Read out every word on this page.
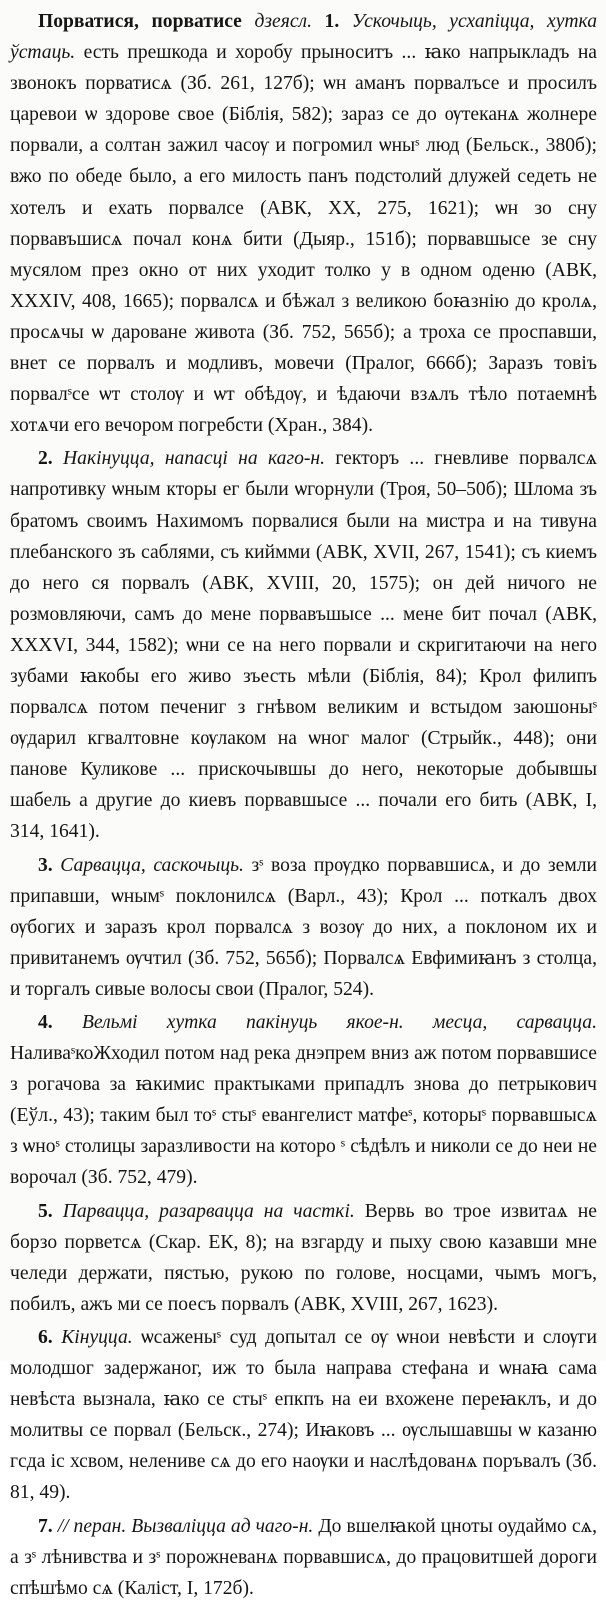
Порватися, порватисе дзеясл. 1. Ускочыць, усхапіцца, хутка ўстаць. есть прешкода и хоробу прыноситъ ... ꙗко напрыкладъ на звонокъ порватисѧ (Зб. 261, 127б); ѡн аманъ порвалъсе и просилъ царевои ѡ здорове свое (Біблія, 582); зараз се до ѹтеканѧ жолнере порвали, а солтан зажил часѹ и погромил ѡныˢ люд (Бельск., 380б); вжо по обеде было, а его милость панъ подстолий длужей седеть не хотелъ и ехать порвалсе (АВК, XX, 275, 1621); ѡн зо сну порвавъшисѧ почал конѧ бити (Дыяр., 151б); порвавшысе зе сну мусялом през окно от них уходит толко у в одном оденю (АВК, XXXIV, 408, 1665); порвалсѧ и бѣжал з великою боꙗзнію до кролѧ, просѧчы ѡ дароване живота (Зб. 752, 565б); а троха се проспавши, внет се порвалъ и модливъ, мовечи (Пралог, 666б); Заразъ товіъ порвалˢсе ѡт столѹ и ѡт обѣдѹ, и ѣдаючи взѧлъ тѣло потаемнѣ хотѧчи его вечором погребсти (Хран., 384).

2. Накінуцца, напасці на каго-н. гекторъ ... гневливе порвалсѧ напротивку ѡным кторы ег были ѡгорнули (Троя, 50–50б); Шлома зъ братомъ своимъ Нахимомъ порвалися были на мистра и на тивуна плебанского зъ саблями, съ киймми (АВК, XVII, 267, 1541); съ киемъ до него ся порвалъ (АВК, XVIII, 20, 1575); он дей ничого не розмовляючи, самъ до мене порвавъшысе ... мене бит почал (АВК, XXXVI, 344, 1582); ѡни се на него порвали и скригитаючи на него зубами ꙗкобы его живо зъесть мѣли (Біблія, 84); Крол филипъ порвалсѧ потом печениг з гнѣвом великим и встыдом заюшоныˢ ѹдарил кгвалтовне кѹлаком на ѡног малог (Стрыйк., 448); они панове Куликове ... прискочывшы до него, некоторые добывшы шабель а другие до киевъ порвавшысе ... почали его бить (АВК, I, 314, 1641).

3. Сарвацца, саскочыць. зˢ воза прѹдко порвавшисѧ, и до земли припавши, ѡнымˢ поклонилсѧ (Варл., 43); Крол ... поткалъ двох ѹбогих и заразъ крол порвалсѧ з возѹ до них, а поклоном их и привитанемъ ѹчтил (Зб. 752, 565б); Порвалсѧ Евфимиꙗнъ з столца, и торгалъ сивые волосы свои (Пралог, 524).

4. Вельмі хутка пакінуць якое-н. месца, сарвацца. НаливаˢкоЖходил потом над река днэпрем вниз аж потом порвавшисе з рогачова за ꙗкимис практыками припадлъ знова до петрыкович (Еўл., 43); таким был тоˢ стыˢ евангелист матфеˢ, которыˢ порвавшысѧ з ѡноˢ столицы заразливости на которо ˢ сѣдѣлъ и николи се до неи не ворочал (Зб. 752, 479).

5. Парвацца, разарвацца на часткі. Вервь во трое извитаѧ не борзо порветсѧ (Скар. ЕК, 8); на взгарду и пыху свою казавши мне челеди держати, пястью, рукою по голове, носцами, чымъ могъ, побилъ, ажъ ми се поесъ порвалъ (АВК, XVIII, 267, 1623).

6. Кінуцца. ѡсаженыˢ суд допытал се ѹ ѡнои невѣсти и слѹги молодшог задержаног, иж то была напрaва стефана и ѡнаꙗ сама невѣста вызнала, ꙗко се стыˢ епкпъ на еи вхожене переꙗклъ, и до молитвы се порвал (Бельск., 274); Иꙗковъ ... ѹслышавшы ѡ казаню гсда іс хсвом, нелениве сѧ до его наѹки и наслѣдованѧ поръвалъ (Зб. 81, 49).

7. // перан. Вызваліцца ад чаго-н. До вшелꙗкой цноты оудаймо сѧ, а зˢ лѣнивства и зˢ порожневанѧ порвавшисѧ, до працовитшей дороги спѣшѣмо сѧ (Каліст, I, 172б).
